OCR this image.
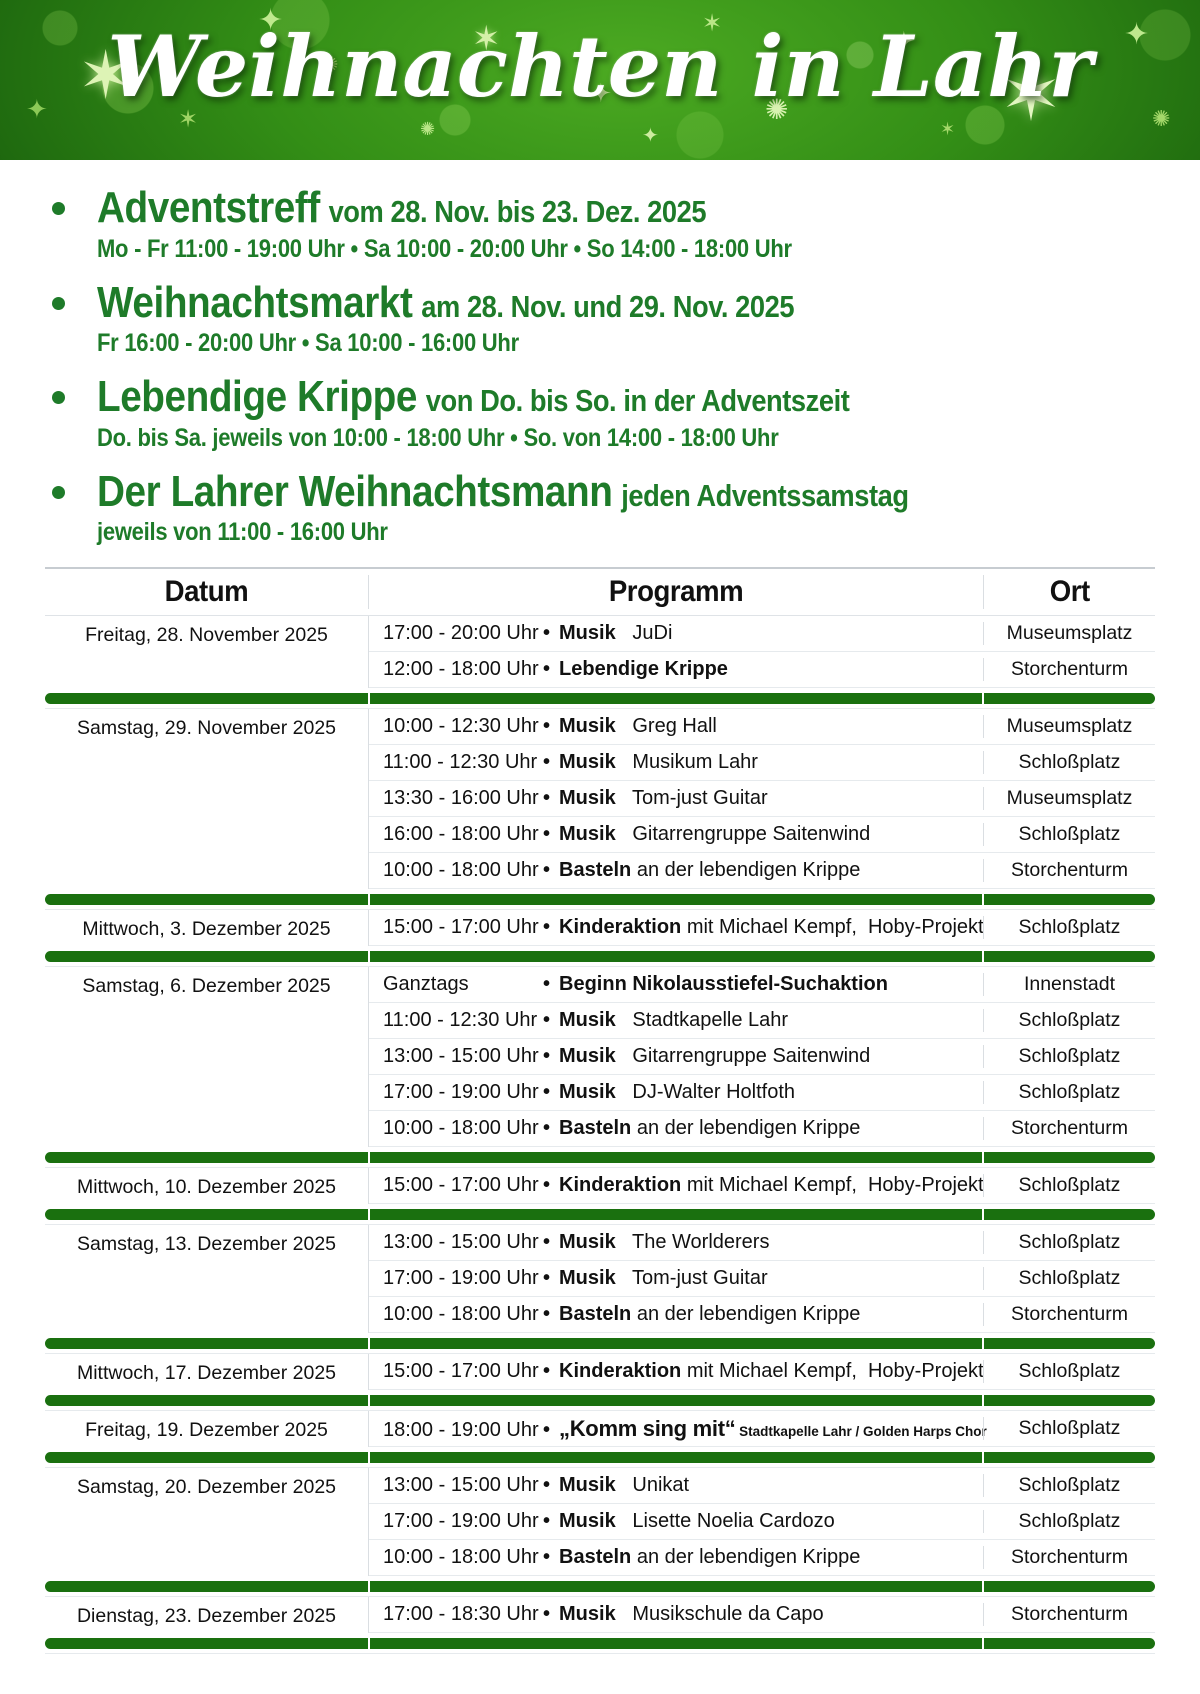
✶
✦
✺
✶
✦
✶
✺
✦
✶
✦
✺
✶
✺
✦
✶
✦
Weihnachten in Lahr
Adventstreff vom 28. Nov. bis 23. Dez. 2025
Mo - Fr 11:00 - 19:00 Uhr • Sa 10:00 - 20:00 Uhr • So 14:00 - 18:00 Uhr
Weihnachtsmarkt am 28. Nov. und 29. Nov. 2025
Fr 16:00 - 20:00 Uhr • Sa 10:00 - 16:00 Uhr
Lebendige Krippe von Do. bis So. in der Adventszeit
Do. bis Sa. jeweils von 10:00 - 18:00 Uhr • So. von 14:00 - 18:00 Uhr
Der Lahrer Weihnachtsmann jeden Adventssamstag
jeweils von 11:00 - 16:00 Uhr
Datum	Programm	Ort
Freitag, 28. November 2025	17:00 - 20:00 Uhr • Musik   JuDi	Museumsplatz
12:00 - 18:00 Uhr • Lebendige Krippe	Storchenturm
Samstag, 29. November 2025	10:00 - 12:30 Uhr • Musik   Greg Hall	Museumsplatz
11:00 - 12:30 Uhr • Musik   Musikum Lahr	Schloßplatz
13:30 - 16:00 Uhr • Musik   Tom-just Guitar	Museumsplatz
16:00 - 18:00 Uhr • Musik   Gitarrengruppe Saitenwind	Schloßplatz
10:00 - 18:00 Uhr • Basteln an der lebendigen Krippe	Storchenturm
Mittwoch, 3. Dezember 2025	15:00 - 17:00 Uhr • Kinderaktion mit Michael Kempf,  Hoby-Projekt	Schloßplatz
Samstag, 6. Dezember 2025	Ganztags	• Beginn Nikolausstiefel-Suchaktion	Innenstadt
11:00 - 12:30 Uhr • Musik   Stadtkapelle Lahr	Schloßplatz
13:00 - 15:00 Uhr • Musik   Gitarrengruppe Saitenwind	Schloßplatz
17:00 - 19:00 Uhr • Musik   DJ-Walter Holtfoth	Schloßplatz
10:00 - 18:00 Uhr • Basteln an der lebendigen Krippe	Storchenturm
Mittwoch, 10. Dezember 2025	15:00 - 17:00 Uhr • Kinderaktion mit Michael Kempf,  Hoby-Projekt	Schloßplatz
Samstag, 13. Dezember 2025	13:00 - 15:00 Uhr • Musik   The Worlderers	Schloßplatz
17:00 - 19:00 Uhr • Musik   Tom-just Guitar	Schloßplatz
10:00 - 18:00 Uhr • Basteln an der lebendigen Krippe	Storchenturm
Mittwoch, 17. Dezember 2025	15:00 - 17:00 Uhr • Kinderaktion mit Michael Kempf,  Hoby-Projekt	Schloßplatz
Freitag, 19. Dezember 2025	18:00 - 19:00 Uhr • „Komm sing mit“ Stadtkapelle Lahr / Golden Harps Chor	Schloßplatz
Samstag, 20. Dezember 2025	13:00 - 15:00 Uhr • Musik   Unikat	Schloßplatz
17:00 - 19:00 Uhr • Musik   Lisette Noelia Cardozo	Schloßplatz
10:00 - 18:00 Uhr • Basteln an der lebendigen Krippe	Storchenturm
Dienstag, 23. Dezember 2025	17:00 - 18:30 Uhr • Musik   Musikschule da Capo	Storchenturm
